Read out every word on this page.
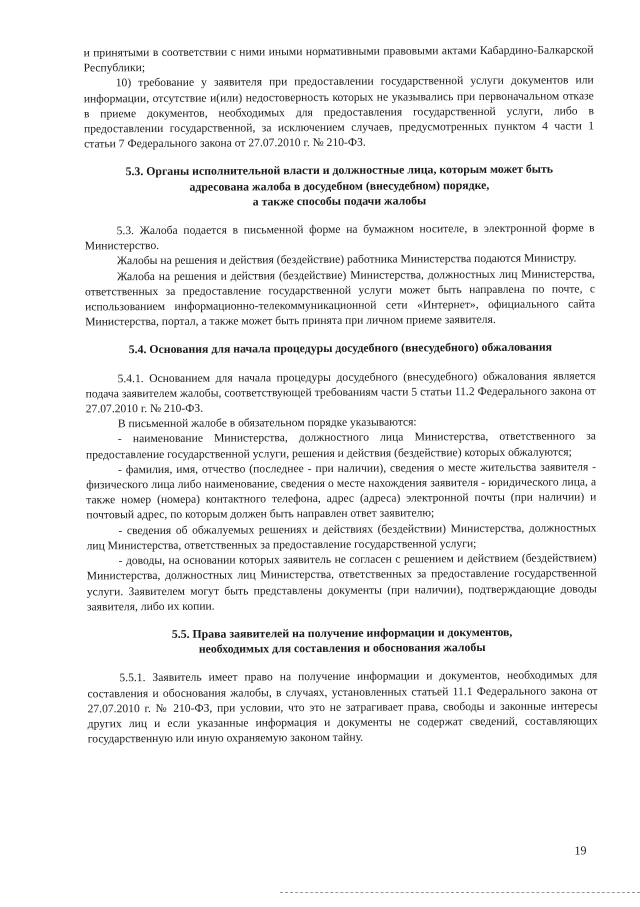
и принятыми в соответствии с ними иными нормативными правовыми актами Кабардино-Балкарской Республики;

10) требование у заявителя при предоставлении государственной услуги документов или информации, отсутствие и(или) недостоверность которых не указывались при первоначальном отказе в приеме документов, необходимых для предоставления государственной услуги, либо в предоставлении государственной, за исключением случаев, предусмотренных пунктом 4 части 1 статьи 7 Федерального закона от 27.07.2010 г. № 210-ФЗ.

5.3. Органы исполнительной власти и должностные лица, которым может быть
адресована жалоба в досудебном (внесудебном) порядке,
а также способы подачи жалобы

5.3. Жалоба подается в письменной форме на бумажном носителе, в электронной форме в Министерство.

Жалобы на решения и действия (бездействие) работника Министерства подаются Министру.

Жалоба на решения и действия (бездействие) Министерства, должностных лиц Министерства, ответственных за предоставление государственной услуги может быть направлена по почте, с использованием информационно-телекоммуникационной сети «Интернет», официального сайта Министерства, портал, а также может быть принята при личном приеме заявителя.

5.4. Основания для начала процедуры досудебного (внесудебного) обжалования

5.4.1. Основанием для начала процедуры досудебного (внесудебного) обжалования является подача заявителем жалобы, соответствующей требованиям части 5 статьи 11.2 Федерального закона от 27.07.2010 г. № 210-ФЗ.

В письменной жалобе в обязательном порядке указываются:

- наименование Министерства, должностного лица Министерства, ответственного за предоставление государственной услуги, решения и действия (бездействие) которых обжалуются;

- фамилия, имя, отчество (последнее - при наличии), сведения о месте жительства заявителя - физического лица либо наименование, сведения о месте нахождения заявителя - юридического лица, а также номер (номера) контактного телефона, адрес (адреса) электронной почты (при наличии) и почтовый адрес, по которым должен быть направлен ответ заявителю;

- сведения об обжалуемых решениях и действиях (бездействии) Министерства, должностных лиц Министерства, ответственных за предоставление государственной услуги;

- доводы, на основании которых заявитель не согласен с решением и действием (бездействием) Министерства, должностных лиц Министерства, ответственных за предоставление государственной услуги. Заявителем могут быть представлены документы (при наличии), подтверждающие доводы заявителя, либо их копии.

5.5. Права заявителей на получение информации и документов,
необходимых для составления и обоснования жалобы

5.5.1. Заявитель имеет право на получение информации и документов, необходимых для составления и обоснования жалобы, в случаях, установленных статьей 11.1 Федерального закона от 27.07.2010 г. № 210-ФЗ, при условии, что это не затрагивает права, свободы и законные интересы других лиц и если указанные информация и документы не содержат сведений, составляющих государственную или иную охраняемую законом тайну.

19
